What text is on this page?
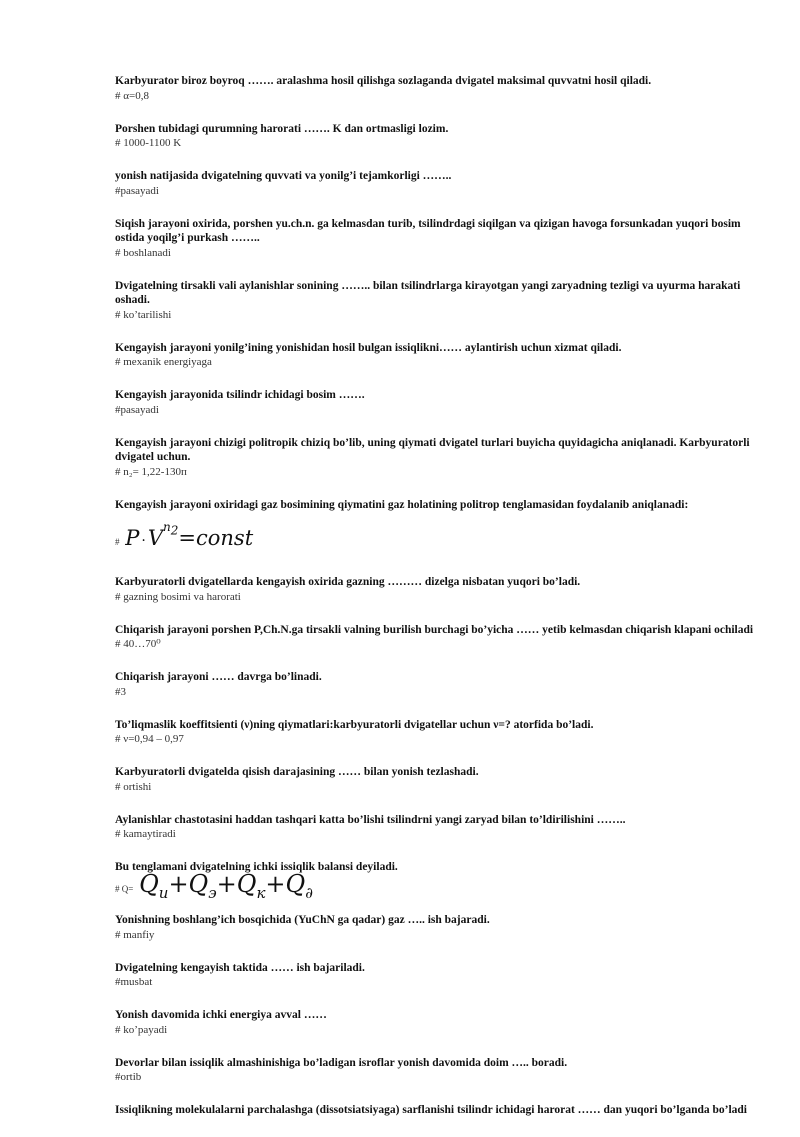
Karbyurator biroz boyroq ……. aralashma hosil qilishga sozlaganda dvigatel maksimal quvvatni hosil qiladi.
# α=0,8
Porshen tubidagi qurumning harorati ……. K dan ortmasligi lozim.
# 1000-1100 K
yonish natijasida dvigatelning quvvati va yonilg’i tejamkorligi ……..
#pasayadi
Siqish jarayoni oxirida, porshen yu.ch.n. ga kelmasdan turib, tsilindrdagi siqilgan va qizigan havoga forsunkadan yuqori bosim ostida yoqilg’i purkash ……..
# boshlanadi
Dvigatelning tirsakli vali aylanishlar sonining …….. bilan tsilindrlarga kirayotgan yangi zaryadning tezligi va uyurma harakati oshadi.
# ko’tarilishi
Kengayish jarayoni yonilg’ining yonishidan hosil bulgan issiqlikni…… aylantirish uchun xizmat qiladi.
# mexanik energiyaga
Kengayish jarayonida tsilindr ichidagi bosim …….
#pasayadi
Kengayish jarayoni chizigi politropik chiziq bo’lib, uning qiymati dvigatel turlari buyicha quyidagicha aniqlanadi. Karbyuratorli dvigatel uchun.
# n₂= 1,22-130п
Kengayish jarayoni oxiridagi gaz bosimining qiymatini gaz holatining politrop tenglamasidan foydalanib aniqlanadi:
# $P \cdot V^{n_2}=const$
Karbyuratorli dvigatellarda kengayish oxirida gazning ……… dizelga nisbatan yuqori bo’ladi.
# gazning bosimi va harorati
Chiqarish jarayoni porshen P,Ch.N.ga tirsakli valning burilish burchagi bo’yicha …… yetib kelmasdan chiqarish klapani ochiladi
# 40…70⁰
Chiqarish jarayoni …… davrga bo’linadi.
#3
To’liqmaslik koeffitsienti (ν)ning qiymatlari:karbyuratorli dvigatellar uchun ν=? atorfida bo’ladi.
# ν=0,94 – 0,97
Karbyuratorli dvigatelda qisish darajasining …… bilan yonish tezlashadi.
# ortishi
Aylanishlar chastotasini haddan tashqari katta bo’lishi tsilindrni yangi zaryad bilan to’ldirilishini ……..
# kamaytiradi
Bu tenglamani dvigatelning ichki issiqlik balansi deyiladi.
# $Q= Q_и+Q_э+Q_к+Q_\partial$
Yonishning boshlang’ich bosqichida (YuChN ga qadar) gaz ….. ish bajaradi.
# manfiy
Dvigatelning kengayish taktida …… ish bajariladi.
#musbat
Yonish davomida ichki energiya avval ……
# ko’payadi
Devorlar bilan issiqlik almashinishiga bo’ladigan isroflar yonish davomida doim ….. boradi.
#ortib
Issiqlikning molekulalarni parchalashga (dissotsiatsiyaga) sarflanishi tsilindr ichidagi harorat …… dan yuqori bo’lganda bo’ladi
